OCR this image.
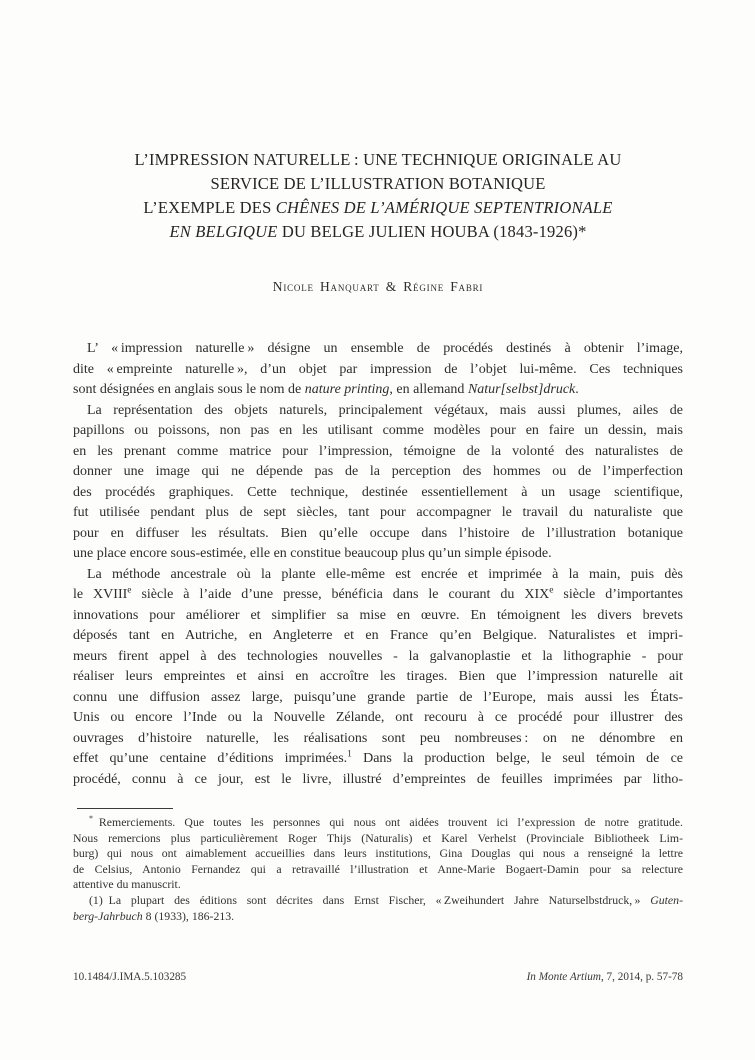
L’IMPRESSION NATURELLE : UNE TECHNIQUE ORIGINALE AU
SERVICE DE L’ILLUSTRATION BOTANIQUE
L’EXEMPLE DES CHÊNES DE L’AMÉRIQUE SEPTENTRIONALE
EN BELGIQUE DU BELGE JULIEN HOUBA (1843-1926)*
Nicole Hanquart & Régine Fabri
L’ « impression naturelle » désigne un ensemble de procédés destinés à obtenir l’image,
dite « empreinte naturelle », d’un objet par impression de l’objet lui-même. Ces techniques
sont désignées en anglais sous le nom de nature printing, en allemand Natur[selbst]druck.
La représentation des objets naturels, principalement végétaux, mais aussi plumes, ailes de
papillons ou poissons, non pas en les utilisant comme modèles pour en faire un dessin, mais
en les prenant comme matrice pour l’impression, témoigne de la volonté des naturalistes de
donner une image qui ne dépende pas de la perception des hommes ou de l’imperfection
des procédés graphiques. Cette technique, destinée essentiellement à un usage scientifique,
fut utilisée pendant plus de sept siècles, tant pour accompagner le travail du naturaliste que
pour en diffuser les résultats. Bien qu’elle occupe dans l’histoire de l’illustration botanique
une place encore sous-estimée, elle en constitue beaucoup plus qu’un simple épisode.
La méthode ancestrale où la plante elle-même est encrée et imprimée à la main, puis dès
le XVIIIe siècle à l’aide d’une presse, bénéficia dans le courant du XIXe siècle d’importantes
innovations pour améliorer et simplifier sa mise en œuvre. En témoignent les divers brevets
déposés tant en Autriche, en Angleterre et en France qu’en Belgique. Naturalistes et impri-
meurs firent appel à des technologies nouvelles - la galvanoplastie et la lithographie - pour
réaliser leurs empreintes et ainsi en accroître les tirages. Bien que l’impression naturelle ait
connu une diffusion assez large, puisqu’une grande partie de l’Europe, mais aussi les États-
Unis ou encore l’Inde ou la Nouvelle Zélande, ont recouru à ce procédé pour illustrer des
ouvrages d’histoire naturelle, les réalisations sont peu nombreuses : on ne dénombre en
effet qu’une centaine d’éditions imprimées.$^1$ Dans la production belge, le seul témoin de ce
procédé, connu à ce jour, est le livre, illustré d’empreintes de feuilles imprimées par litho-
* Remerciements. Que toutes les personnes qui nous ont aidées trouvent ici l’expression de notre gratitude.
Nous remercions plus particulièrement Roger Thijs (Naturalis) et Karel Verhelst (Provinciale Bibliotheek Lim-
burg) qui nous ont aimablement accueillies dans leurs institutions, Gina Douglas qui nous a renseigné la lettre
de Celsius, Antonio Fernandez qui a retravaillé l’illustration et Anne-Marie Bogaert-Damin pour sa relecture
attentive du manuscrit.
(1) La plupart des éditions sont décrites dans Ernst Fischer, « Zweihundert Jahre Naturselbstdruck, » Guten-
berg-Jahrbuch 8 (1933), 186-213.
10.1484/J.IMA.5.103285	In Monte Artium, 7, 2014, p. 57-78
